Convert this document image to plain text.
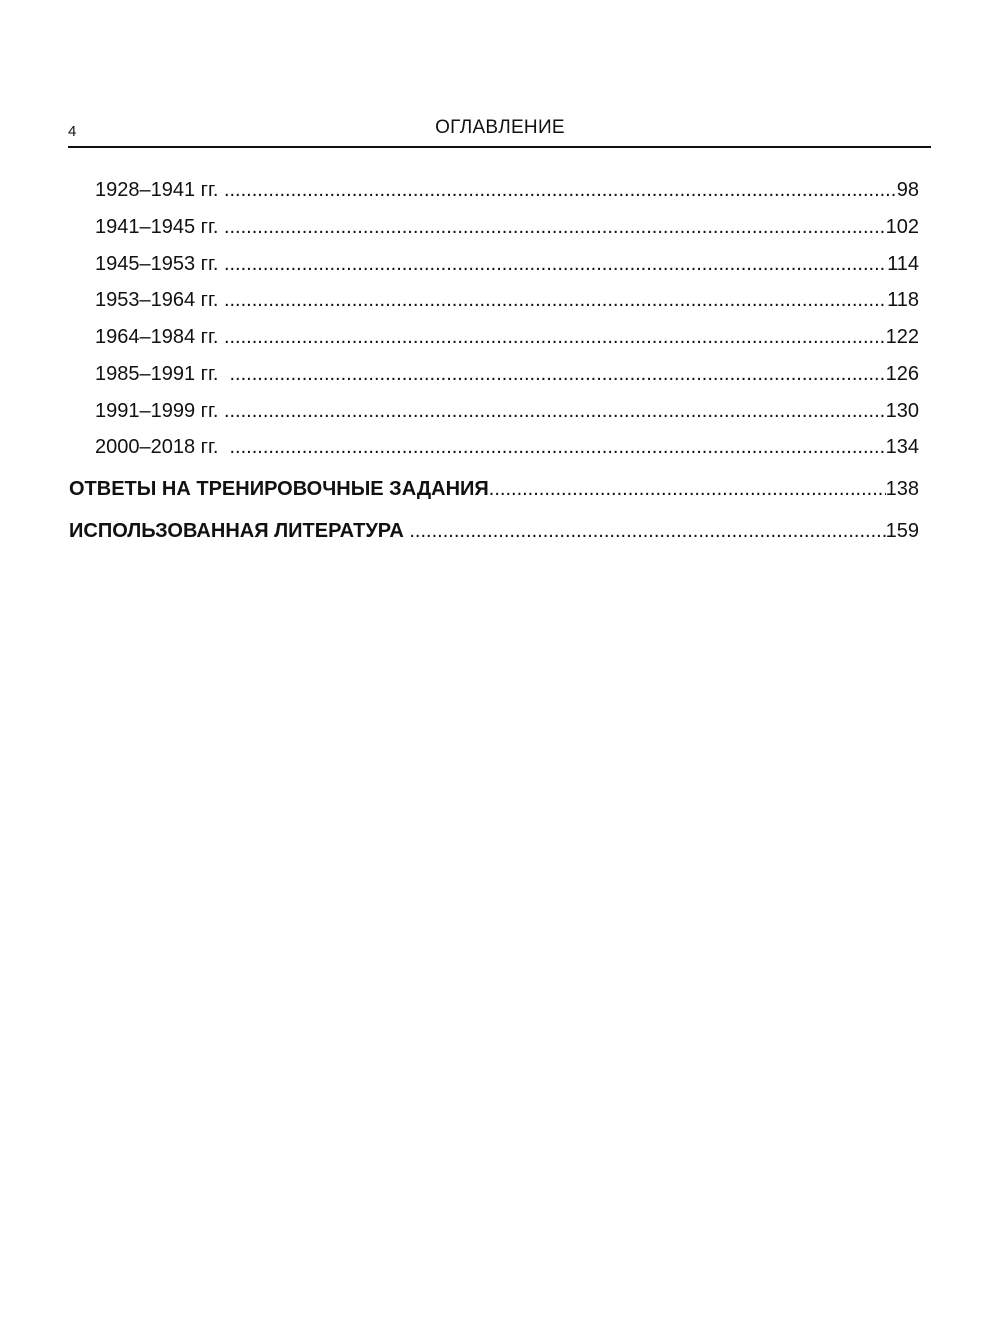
4	ОГЛАВЛЕНИЕ
1928–1941 гг. .....	98
1941–1945 гг. .....	102
1945–1953 гг. .....	114
1953–1964 гг. .....	118
1964–1984 гг. .....	122
1985–1991 гг. .....	126
1991–1999 гг. .....	130
2000–2018 гг. .....	134
ОТВЕТЫ НА ТРЕНИРОВОЧНЫЕ ЗАДАНИЯ .....	138
ИСПОЛЬЗОВАННАЯ ЛИТЕРАТУРА .....	159
